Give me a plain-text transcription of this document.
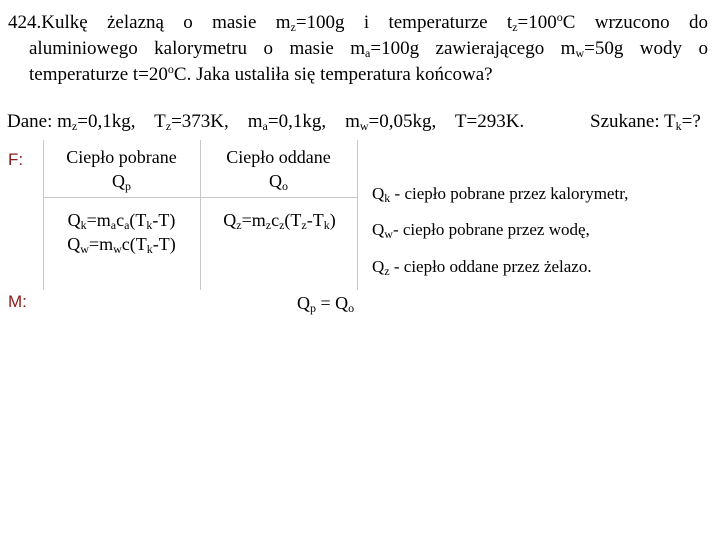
424.Kulkę żelazną o masie $m_z=100g$ i temperaturze $t_z=100^oC$ wrzucono do
aluminiowego kalorymetru o masie $m_a=100g$ zawierającego $m_w=50g$ wody o
temperaturze $t=20^oC$. Jaka ustaliła się temperatura końcowa?
Dane: $m_z=0,1kg$, $T_z=373K$, $m_a=0,1kg$, $m_w=0,05kg$, T=293K.	Szukane: $T_k=$?
F:
M:
Ciepło pobrane
$Q_p$
Ciepło oddane
$Q_o$
$Q_k=m_ac_a(T_k-T)$
$Q_w=m_wc(T_k-T)$
$Q_z=m_zc_z(T_z-T_k)$
$Q_k$ - ciepło pobrane przez kalorymetr,
$Q_w-$ ciepło pobrane przez wodę,
$Q_z$ - ciepło oddane przez żelazo.
$Q_p = Q_o$
